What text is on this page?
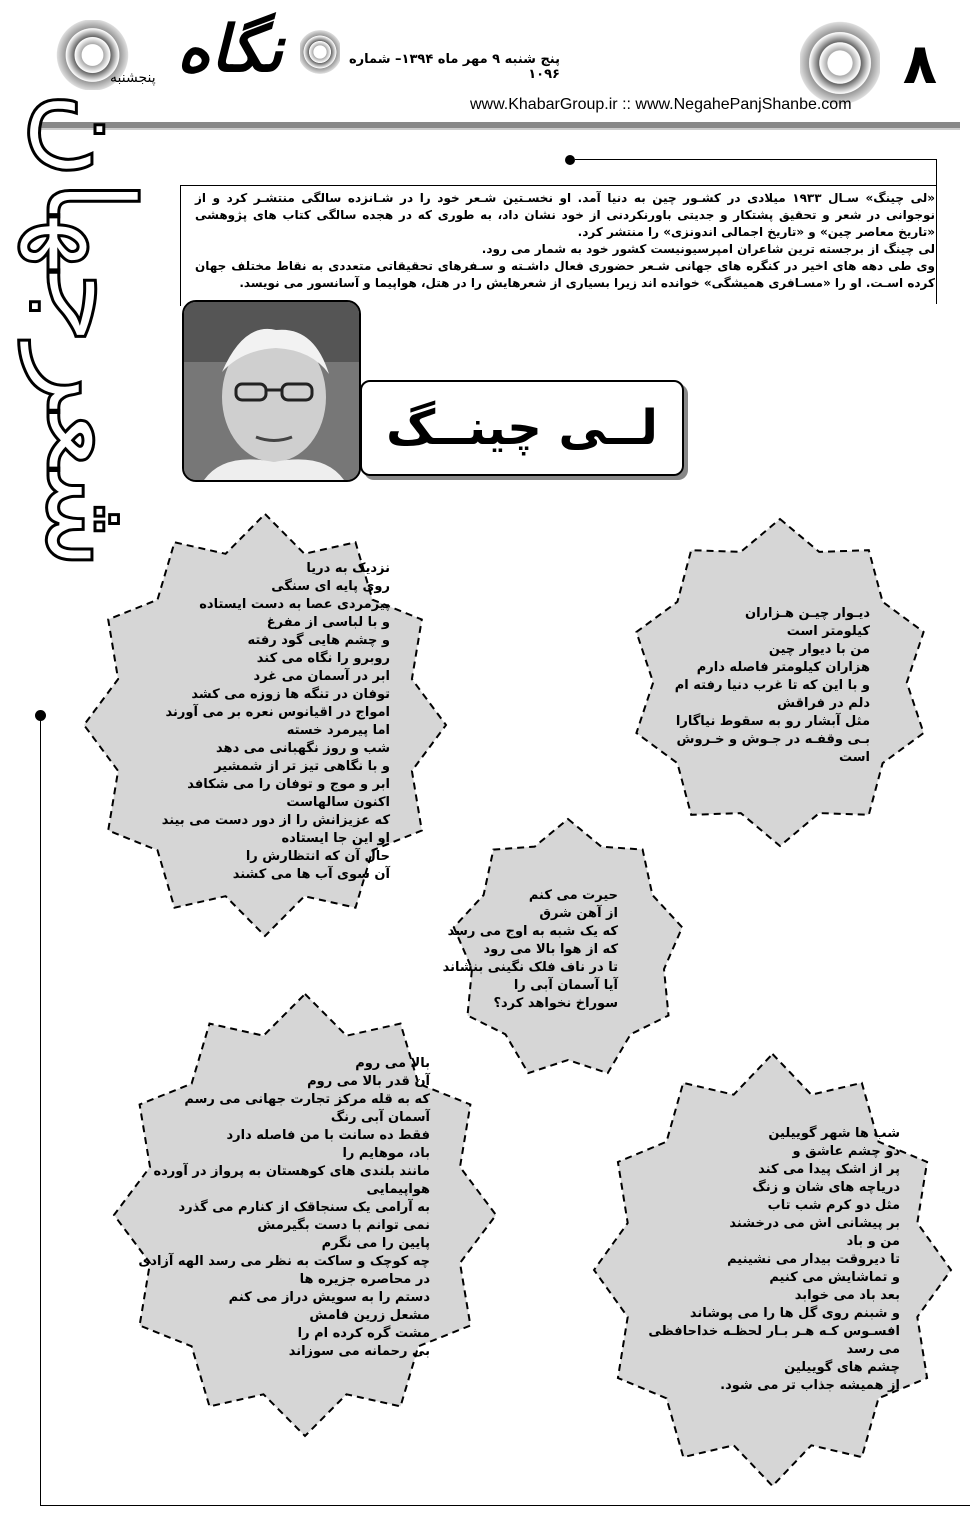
۸
نگاه
پنجشنبه
پنج شنبه ۹ مهر ماه ۱۳۹۴– شماره ۱۰۹۶
www.KhabarGroup.ir :: www.NegahePanjShanbe.com
شعرجهان	«لی چینگ» سـال ۱۹۳۳ میلادی در کشـور چین به دنیا آمد. او نخسـتین شـعر خود را در شـانزده سالگی منتشـر کرد و از نوجوانی در شعر و تحقیق پشتکار و جدیتی باورنکردنی از خود نشان داد، به طوری که در هجده سالگی کتاب های پژوهشی «تاریخ معاصر چین» و «تاریخ اجمالی اندونزی» را منتشر کرد.

لی چینگ از برجسته ترین شاعران امپرسیونیست کشور خود به شمار می رود.

وی طی دهه های اخیر در کنگره های جهانی شـعر حضوری فعال داشـته و سـفرهای تحقیقاتی متعددی به نقاط مختلف جهان کرده اسـت. او را «مسـافری همیشگی» خوانده اند زیرا بسیاری از شعرهایش را در هتل، هواپیما و آسانسور می نویسد.

لــی چینــگ
نزدیک به دریا
روی پایه ای سنگی
پیرمردی عصا به دست ایستاده
و با لباسی از مفرغ
و چشم هایی گود رفته
روبرو را نگاه می کند
ابر در آسمان می غرد
توفان در تنگه ها زوزه می کشد
امواج در اقیانوس نعره بر می آورند
اما پیرمرد خسته
شب و روز نگهبانی می دهد
و با نگاهی تیز تر از شمشیر
ابر و موج و توفان را می شکافد
اکنون سالهاست
که عزیزانش را از دور دست می بیند
او این جا ایستاده
حال آن که انتظارش را
آن سوی آب ها می کشند
دیـوار چیـن هـزاران
کیلومتر است
من با دیوار چین
هزاران کیلومتر فاصله دارم
و با این که تا غرب دنیا رفته ام
دلم در فراقش
مثل آبشار رو به سقوط نیاگارا
بـی وقفـه در جـوش و خـروش
است
حیرت می کنم
از آهن شرق
که یک شبه به اوج می رسد
که از هوا بالا می رود
تا در ناف فلک نگینی بنشاند
آیا آسمان آبی را
سوراخ نخواهد کرد؟
بالا می روم
آن قدر بالا می روم
که به قله مرکز تجارت جهانی می رسم
آسمان آبی رنگ
فقط ده سانت با من فاصله دارد
باد، موهایم را
مانند بلندی های کوهستان به پرواز در آورده
هواپیمایی
به آرامی یک سنجاقک از کنارم می گذرد
نمی توانم با دست بگیرمش
پایین را می نگرم
چه کوچک و ساکت به نظر می رسد الهه آزادی
در محاصره جزیره ها
دستم را به سویش دراز می کنم
مشعل زرین فامش
مشت گره کرده ام را
بی رحمانه می سوزاند
شب ها شهر گوییلین
دو چشم عاشق و
پر از اشک پیدا می کند
دریاچه های شان و زنگ
مثل دو کرم شب تاب
بر پیشانی اش می درخشند
من و باد
تا دیروقت بیدار می نشینیم
و تماشایش می کنیم
بعد باد می خوابد
و شبنم روی گل ها را می پوشاند
افسـوس کـه هـر بـار لحظـه خداحافظی
می رسد
چشم های گوییلین
از همیشه جذاب تر می شود.
